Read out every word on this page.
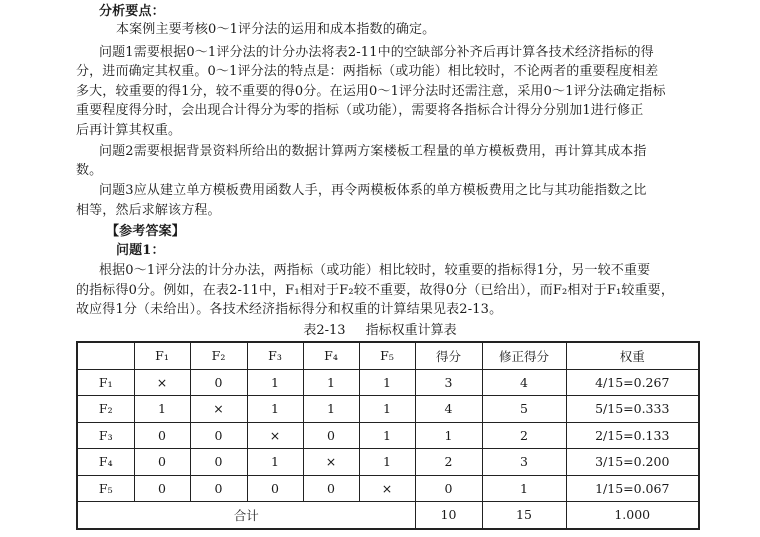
分析要点：
本案例主要考核0～1评分法的运用和成本指数的确定。
问题1需要根据0～1评分法的计分办法将表2-11中的空缺部分补齐后再计算各技术经济指标的得
分，进而确定其权重。0～1评分法的特点是：两指标（或功能）相比较时，不论两者的重要程度相差
多大，较重要的得1分，较不重要的得0分。在运用0～1评分法时还需注意，采用0～1评分法确定指标
重要程度得分时，会出现合计得分为零的指标（或功能），需要将各指标合计得分分别加1进行修正
后再计算其权重。
问题2需要根据背景资料所给出的数据计算两方案楼板工程量的单方模板费用，再计算其成本指
数。
问题3应从建立单方模板费用函数人手，再令两模板体系的单方模板费用之比与其功能指数之比
相等，然后求解该方程。
【参考答案】
问题1：
根据0～1评分法的计分办法，两指标（或功能）相比较时，较重要的指标得1分，另一较不重要
的指标得0分。例如，在表2-11中，F₁相对于F₂较不重要，故得0分（已给出），而F₂相对于F₁较重要，
故应得1分（未给出）。各技术经济指标得分和权重的计算结果见表2-13。
表2-13 指标权重计算表
	F₁	F₂	F₃	F₄	F₅	得分	修正得分	权重
F₁	×	0	1	1	1	3	4	4/15=0.267
F₂	1	×	1	1	1	4	5	5/15=0.333
F₃	0	0	×	0	1	1	2	2/15=0.133
F₄	0	0	1	×	1	2	3	3/15=0.200
F₅	0	0	0	0	×	0	1	1/15=0.067
合计						10	15	1.000
